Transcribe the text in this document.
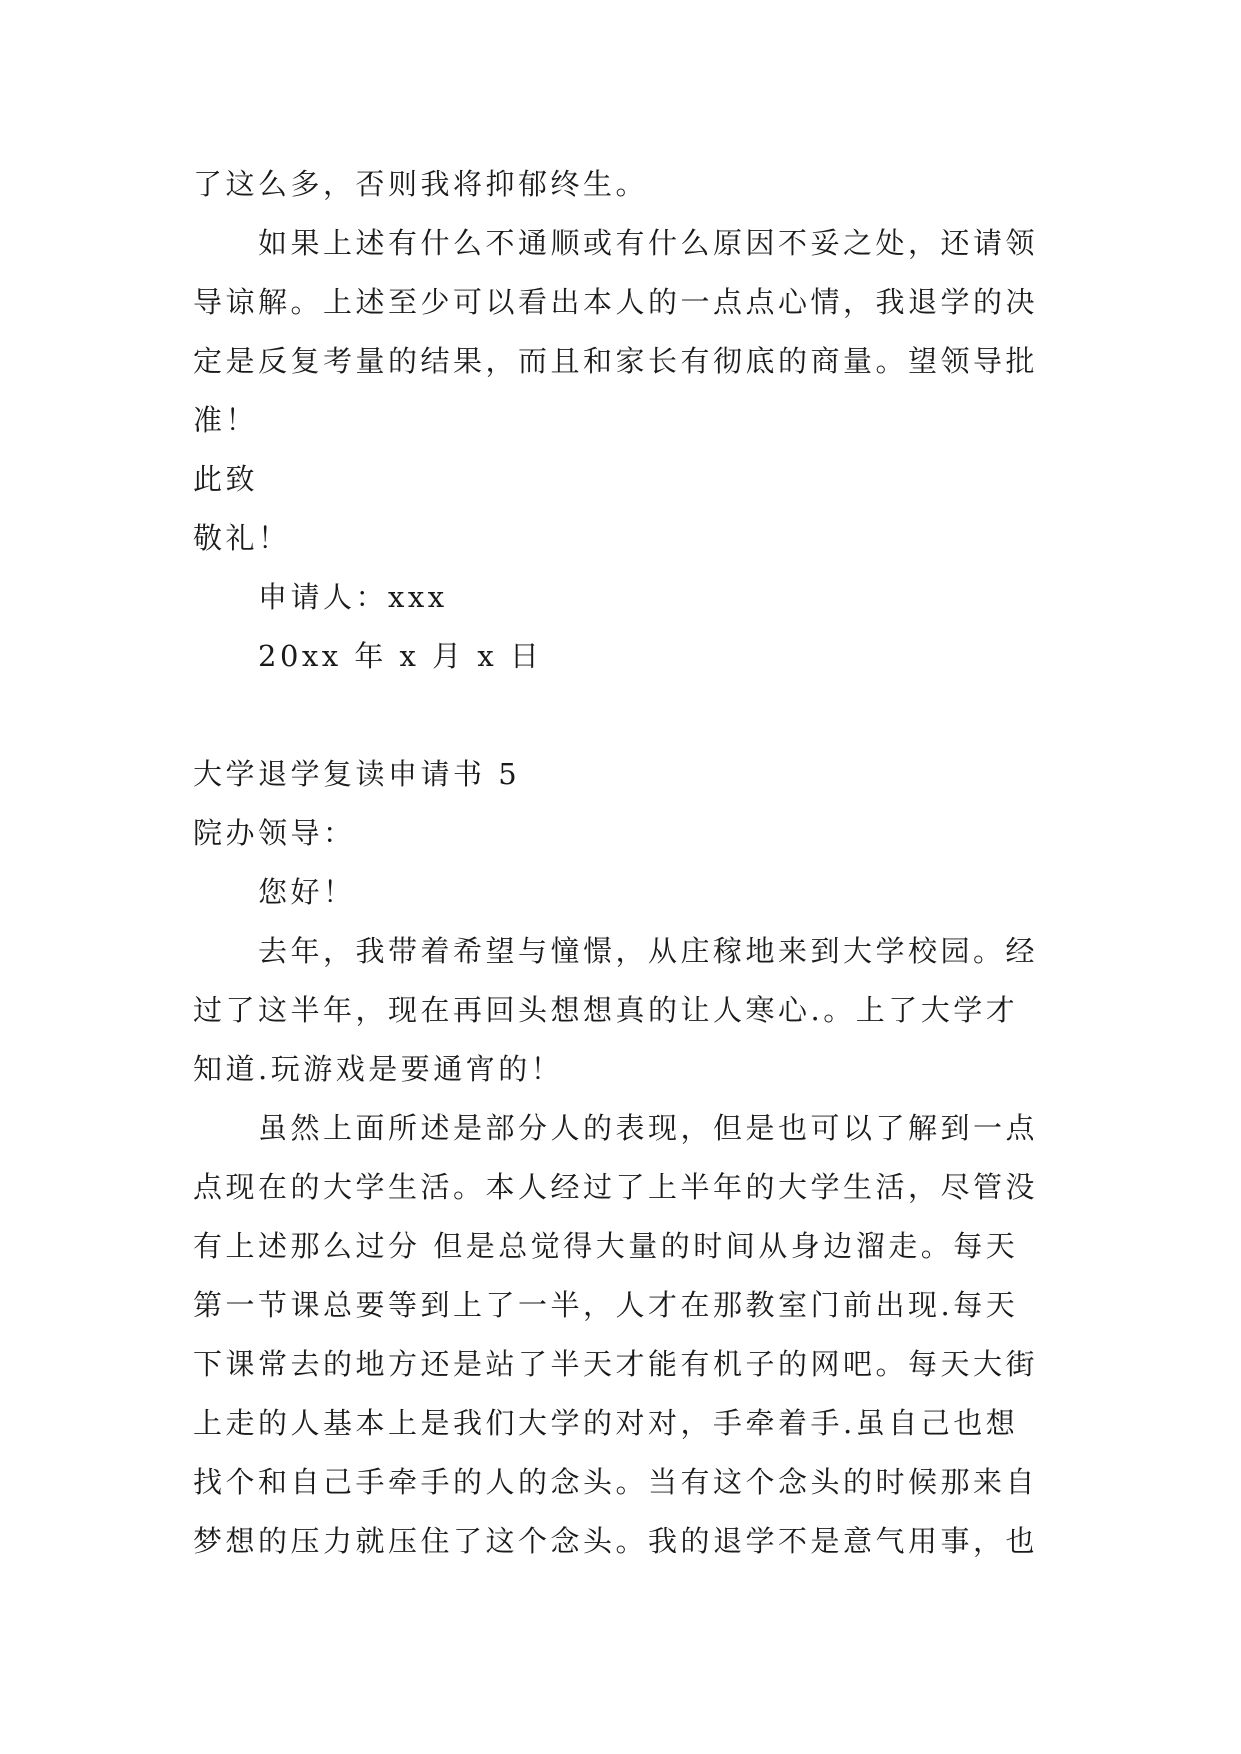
了这么多，否则我将抑郁终生。

如果上述有什么不通顺或有什么原因不妥之处，还请领

导谅解。上述至少可以看出本人的一点点心情，我退学的决

定是反复考量的结果，而且和家长有彻底的商量。望领导批

准！

此致

敬礼！

申请人：xxx

20xx 年 x 月 x 日

大学退学复读申请书 5

院办领导：

您好！

去年，我带着希望与憧憬，从庄稼地来到大学校园。经

过了这半年，现在再回头想想真的让人寒心.。上了大学才

知道.玩游戏是要通宵的！

虽然上面所述是部分人的表现，但是也可以了解到一点

点现在的大学生活。本人经过了上半年的大学生活，尽管没

有上述那么过分 但是总觉得大量的时间从身边溜走。每天

第一节课总要等到上了一半，人才在那教室门前出现.每天

下课常去的地方还是站了半天才能有机子的网吧。每天大街

上走的人基本上是我们大学的对对，手牵着手.虽自己也想

找个和自己手牵手的人的念头。当有这个念头的时候那来自

梦想的压力就压住了这个念头。我的退学不是意气用事，也
